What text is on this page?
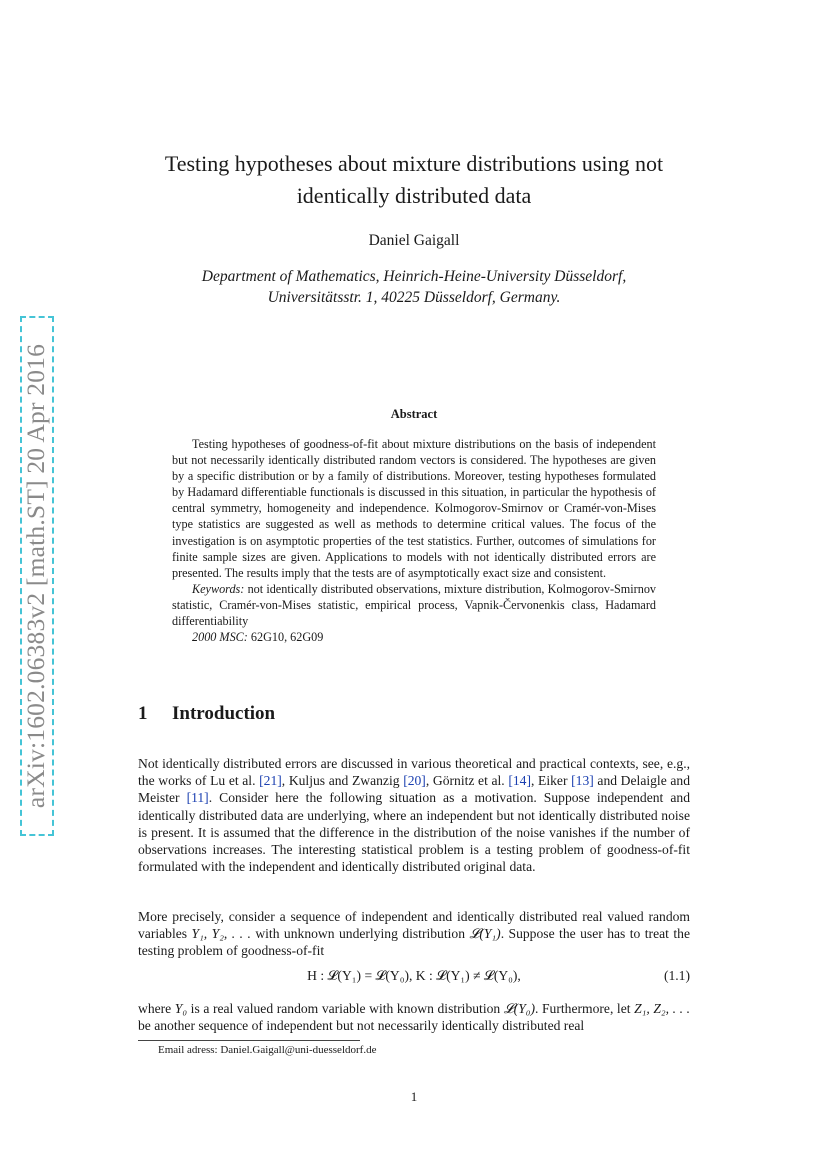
arXiv:1602.06383v2 [math.ST] 20 Apr 2016
Testing hypotheses about mixture distributions using not identically distributed data
Daniel Gaigall
Department of Mathematics, Heinrich-Heine-University Düsseldorf,
Universitätsstr. 1, 40225 Düsseldorf, Germany.
Abstract

Testing hypotheses of goodness-of-fit about mixture distributions on the basis of independent but not necessarily identically distributed random vectors is considered. The hypotheses are given by a specific distribution or by a family of distributions. Moreover, testing hypotheses formulated by Hadamard differentiable functionals is discussed in this situation, in particular the hypothesis of central symmetry, homogeneity and independence. Kolmogorov-Smirnov or Cramér-von-Mises type statistics are suggested as well as methods to determine critical values. The focus of the investigation is on asymptotic properties of the test statistics. Further, outcomes of simulations for finite sample sizes are given. Applications to models with not identically distributed errors are presented. The results imply that the tests are of asymptotically exact size and consistent.

Keywords: not identically distributed observations, mixture distribution, Kolmogorov-Smirnov statistic, Cramér-von-Mises statistic, empirical process, Vapnik-Červonenkis class, Hadamard differentiability

2000 MSC: 62G10, 62G09

1 Introduction

Not identically distributed errors are discussed in various theoretical and practical contexts, see, e.g., the works of Lu et al. [21], Kuljus and Zwanzig [20], Görnitz et al. [14], Eiker [13] and Delaigle and Meister [11]. Consider here the following situation as a motivation. Suppose independent and identically distributed data are underlying, where an independent but not identically distributed noise is present. It is assumed that the difference in the distribution of the noise vanishes if the number of observations increases. The interesting statistical problem is a testing problem of goodness-of-fit formulated with the independent and identically distributed original data.

More precisely, consider a sequence of independent and identically distributed real valued random variables Y₁, Y₂, . . . with unknown underlying distribution 𝓛(Y₁). Suppose the user has to treat the testing problem of goodness-of-fit

H : 𝓛(Y₁) = 𝓛(Y₀), K : 𝓛(Y₁) ≠ 𝓛(Y₀),	(1.1)

where Y₀ is a real valued random variable with known distribution 𝓛(Y₀). Furthermore, let Z₁, Z₂, . . . be another sequence of independent but not necessarily identically distributed real

Email adress: Daniel.Gaigall@uni-duesseldorf.de
1
